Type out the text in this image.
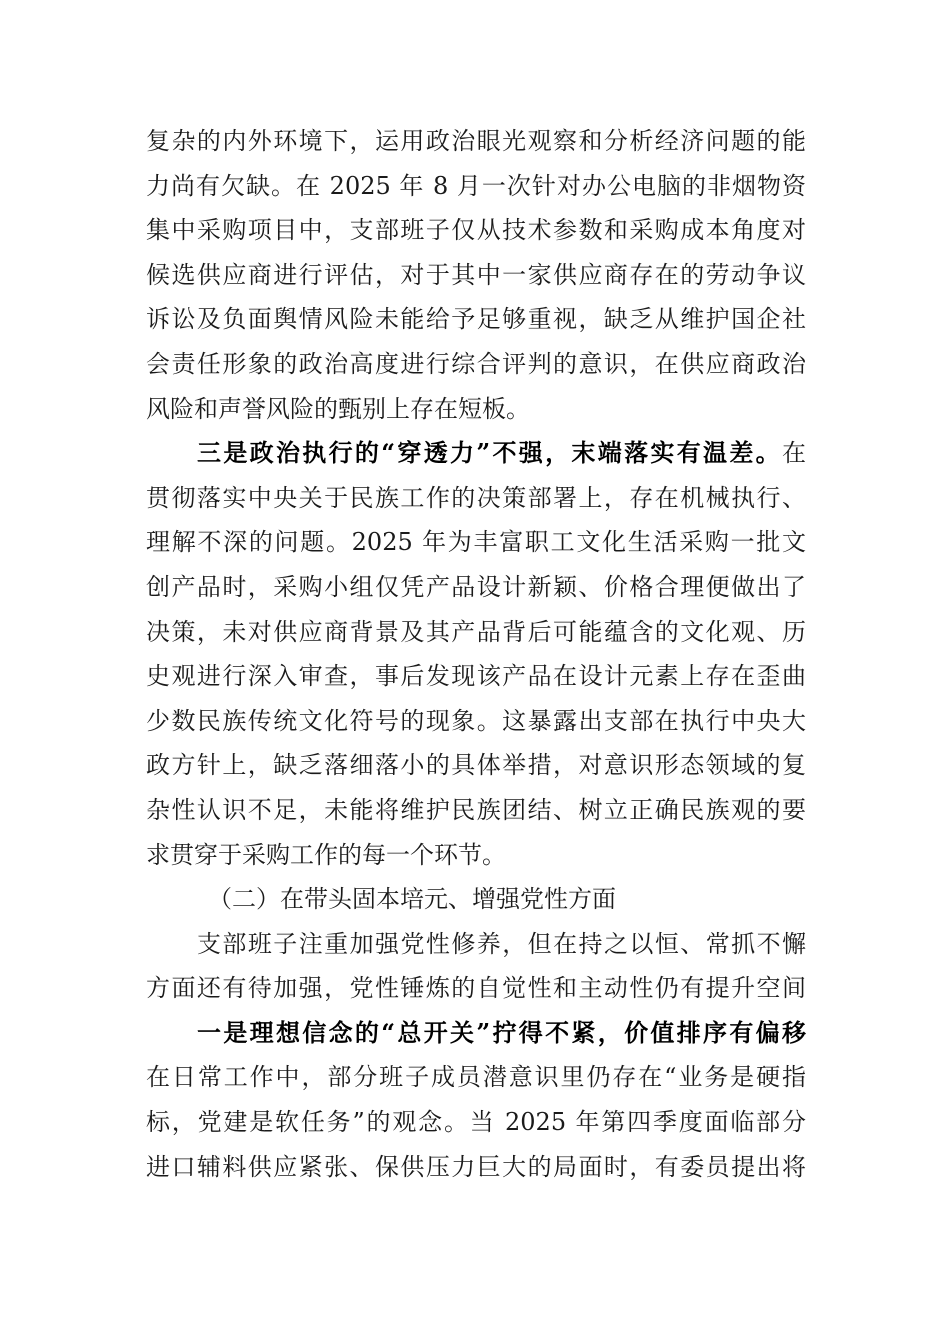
复杂的内外环境下，运用政治眼光观察和分析经济问题的能
力尚有欠缺。在 2025 年 8 月一次针对办公电脑的非烟物资
集中采购项目中，支部班子仅从技术参数和采购成本角度对
候选供应商进行评估，对于其中一家供应商存在的劳动争议
诉讼及负面舆情风险未能给予足够重视，缺乏从维护国企社
会责任形象的政治高度进行综合评判的意识，在供应商政治
风险和声誉风险的甄别上存在短板。
三是政治执行的“穿透力”不强，末端落实有温差。在
贯彻落实中央关于民族工作的决策部署上，存在机械执行、
理解不深的问题。2025 年为丰富职工文化生活采购一批文
创产品时，采购小组仅凭产品设计新颖、价格合理便做出了
决策，未对供应商背景及其产品背后可能蕴含的文化观、历
史观进行深入审查，事后发现该产品在设计元素上存在歪曲
少数民族传统文化符号的现象。这暴露出支部在执行中央大
政方针上，缺乏落细落小的具体举措，对意识形态领域的复
杂性认识不足，未能将维护民族团结、树立正确民族观的要
求贯穿于采购工作的每一个环节。
（二）在带头固本培元、增强党性方面
支部班子注重加强党性修养，但在持之以恒、常抓不懈
方面还有待加强，党性锤炼的自觉性和主动性仍有提升空间
一是理想信念的“总开关”拧得不紧，价值排序有偏移
在日常工作中，部分班子成员潜意识里仍存在“业务是硬指
标，党建是软任务”的观念。当 2025 年第四季度面临部分
进口辅料供应紧张、保供压力巨大的局面时，有委员提出将
